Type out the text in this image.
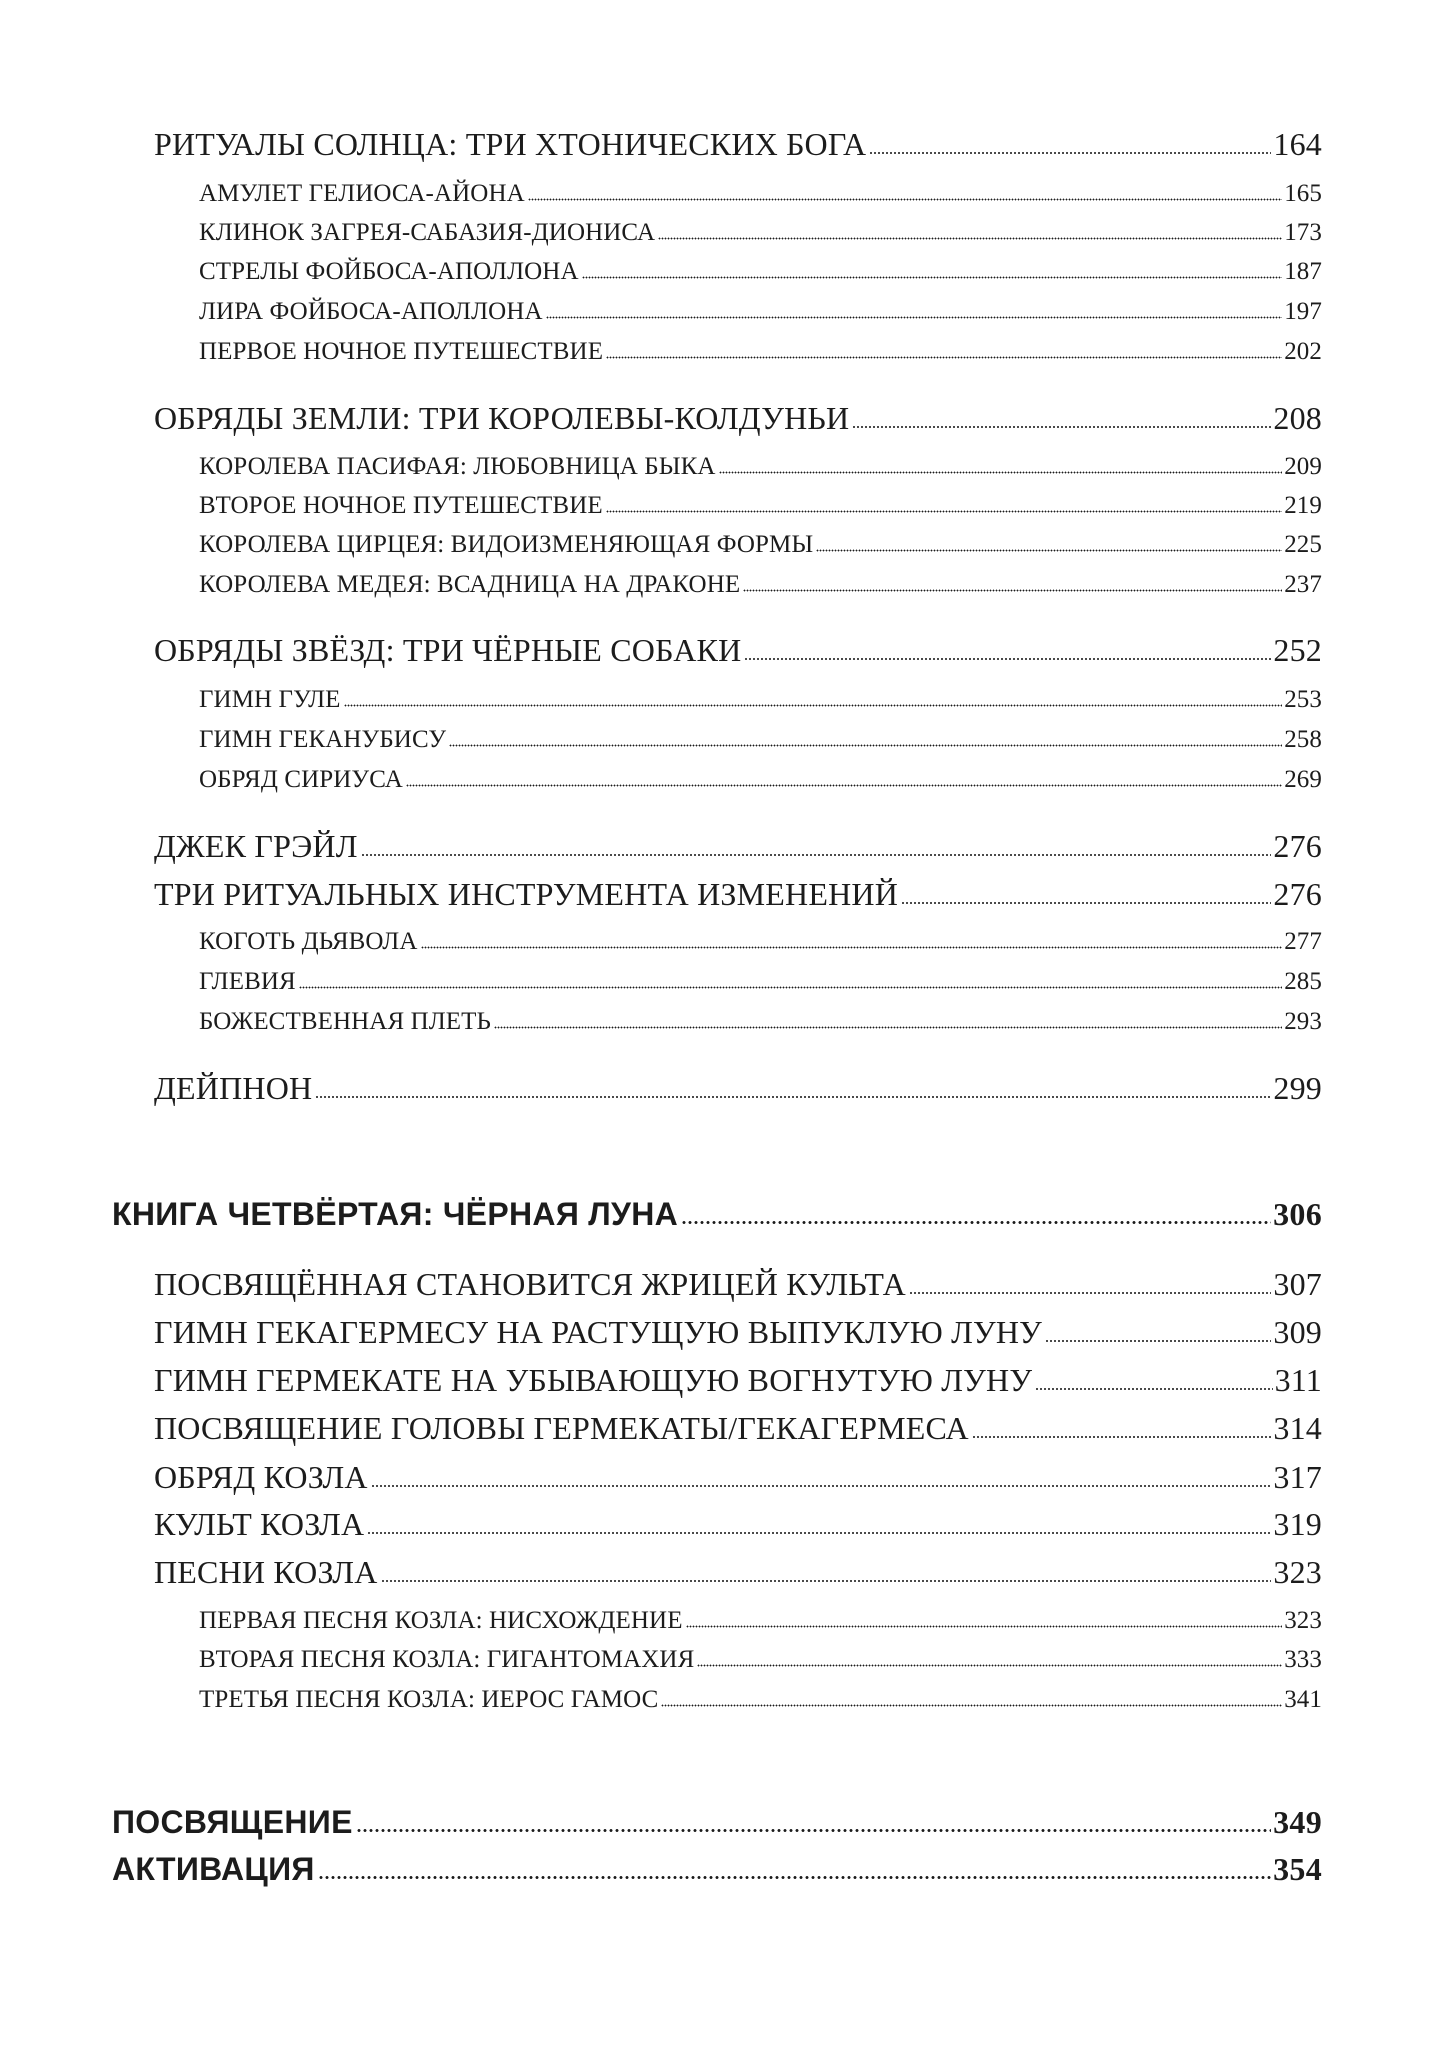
РИТУАЛЫ СОЛНЦА: ТРИ ХТОНИЧЕСКИХ БОГА	164
АМУЛЕТ ГЕЛИОСА-АЙОНА	165
КЛИНОК ЗАГРЕЯ-САБАЗИЯ-ДИОНИСА	173
СТРЕЛЫ ФОЙБОСА-АПОЛЛОНА	187
ЛИРА ФОЙБОСА-АПОЛЛОНА	197
ПЕРВОЕ НОЧНОЕ ПУТЕШЕСТВИЕ	202
ОБРЯДЫ ЗЕМЛИ: ТРИ КОРОЛЕВЫ-КОЛДУНЬИ	208
КОРОЛЕВА ПАСИФАЯ: ЛЮБОВНИЦА БЫКА	209
ВТОРОЕ НОЧНОЕ ПУТЕШЕСТВИЕ	219
КОРОЛЕВА ЦИРЦЕЯ: ВИДОИЗМЕНЯЮЩАЯ ФОРМЫ	225
КОРОЛЕВА МЕДЕЯ: ВСАДНИЦА НА ДРАКОНЕ	237
ОБРЯДЫ ЗВЁЗД: ТРИ ЧЁРНЫЕ СОБАКИ	252
ГИМН ГУЛЕ	253
ГИМН ГЕКАНУБИСУ	258
ОБРЯД СИРИУСА	269
ДЖЕК ГРЭЙЛ	276
ТРИ РИТУАЛЬНЫХ ИНСТРУМЕНТА ИЗМЕНЕНИЙ	276
КОГОТЬ ДЬЯВОЛА	277
ГЛЕВИЯ	285
БОЖЕСТВЕННАЯ ПЛЕТЬ	293
ДЕЙПНОН	299
КНИГА ЧЕТВЁРТАЯ: ЧЁРНАЯ ЛУНА	306
ПОСВЯЩЁННАЯ СТАНОВИТСЯ ЖРИЦЕЙ КУЛЬТА	307
ГИМН ГЕКАГЕРМЕСУ НА РАСТУЩУЮ ВЫПУКЛУЮ ЛУНУ	309
ГИМН ГЕРМЕКАТЕ НА УБЫВАЮЩУЮ ВОГНУТУЮ ЛУНУ	311
ПОСВЯЩЕНИЕ ГОЛОВЫ ГЕРМЕКАТЫ/ГЕКАГЕРМЕСА	314
ОБРЯД КОЗЛА	317
КУЛЬТ КОЗЛА	319
ПЕСНИ КОЗЛА	323
ПЕРВАЯ ПЕСНЯ КОЗЛА: НИСХОЖДЕНИЕ	323
ВТОРАЯ ПЕСНЯ КОЗЛА: ГИГАНТОМАХИЯ	333
ТРЕТЬЯ ПЕСНЯ КОЗЛА: ИЕРОС ГАМОС	341
ПОСВЯЩЕНИЕ	349
АКТИВАЦИЯ	354
